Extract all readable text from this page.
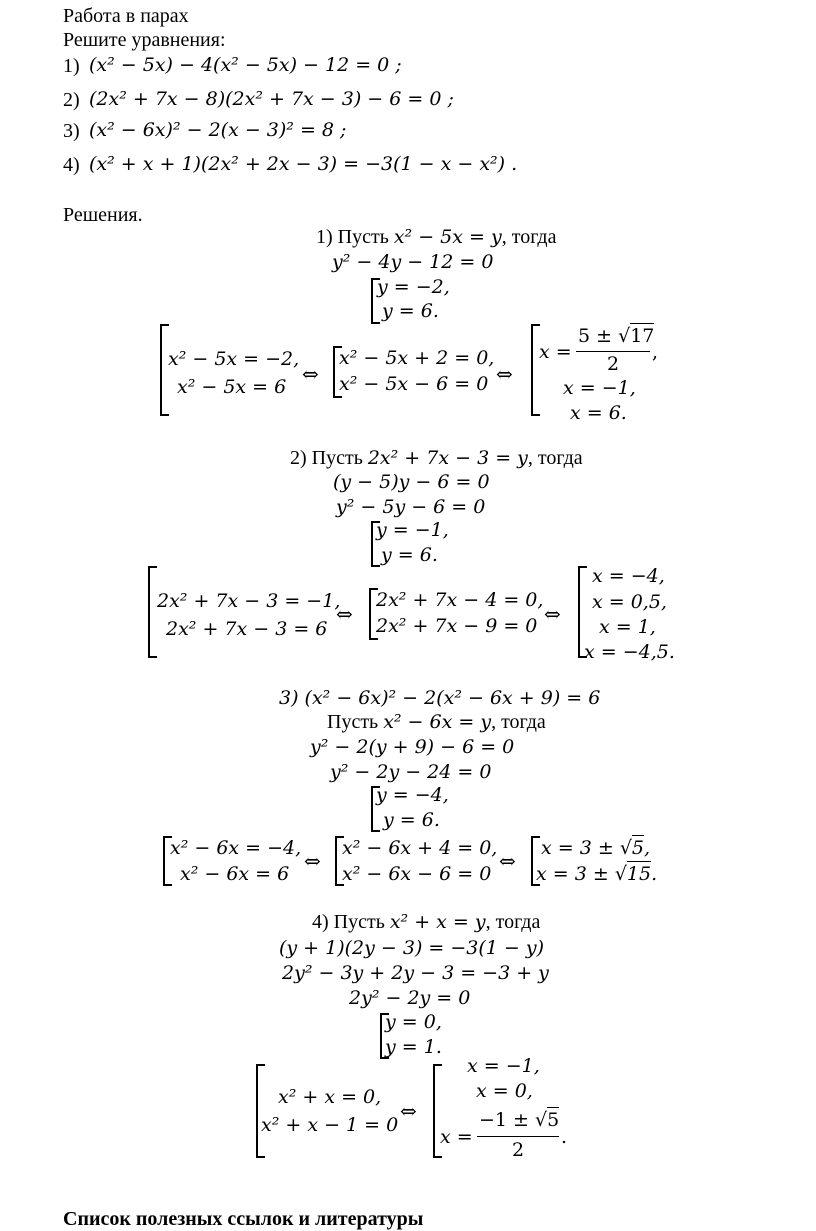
Работа в парах
Решите уравнения:
1) (x² − 5x) − 4(x² − 5x) − 12 = 0 ;
2) (2x² + 7x − 8)(2x² + 7x − 3) − 6 = 0 ;
3) (x² − 6x)² − 2(x − 3)² = 8 ;
4) (x² + x + 1)(2x² + 2x − 3) = −3(1 − x − x²) .
Решения.
1) Пусть x² − 5x = y, тогда
y² − 4y − 12 = 0
y = −2,
y = 6.
x² − 5x = −2,
x² − 5x = 6
⇔
x² − 5x + 2 = 0,
x² − 5x − 6 = 0 ⇔
x =
5 ± √17
2
,
x = −1,
x = 6.
2) Пусть 2x² + 7x − 3 = y, тогда
(y − 5)y − 6 = 0
y² − 5y − 6 = 0
y = −1,
y = 6.
2x² + 7x − 3 = −1,
2x² + 7x − 3 = 6
⇔
2x² + 7x − 4 = 0,
2x² + 7x − 9 = 0 ⇔
x = −4,
x = 0,5,
x = 1,
x = −4,5.
3) (x² − 6x)² − 2(x² − 6x + 9) = 6
Пусть x² − 6x = y, тогда
y² − 2(y + 9) − 6 = 0
y² − 2y − 24 = 0
y = −4,
y = 6.
x² − 6x = −4,
x² − 6x = 6
⇔
x² − 6x + 4 = 0,
x² − 6x − 6 = 0
⇔
x = 3 ± √5,
x = 3 ± √15.
4) Пусть x² + x = y, тогда
(y + 1)(2y − 3) = −3(1 − y)
2y² − 3y + 2y − 3 = −3 + y
2y² − 2y = 0
y = 0,
y = 1.
x² + x = 0,
x² + x − 1 = 0
⇔
x = −1,
x = 0,
x =
−1 ± √5
2
.
Список полезных ссылок и литературы
